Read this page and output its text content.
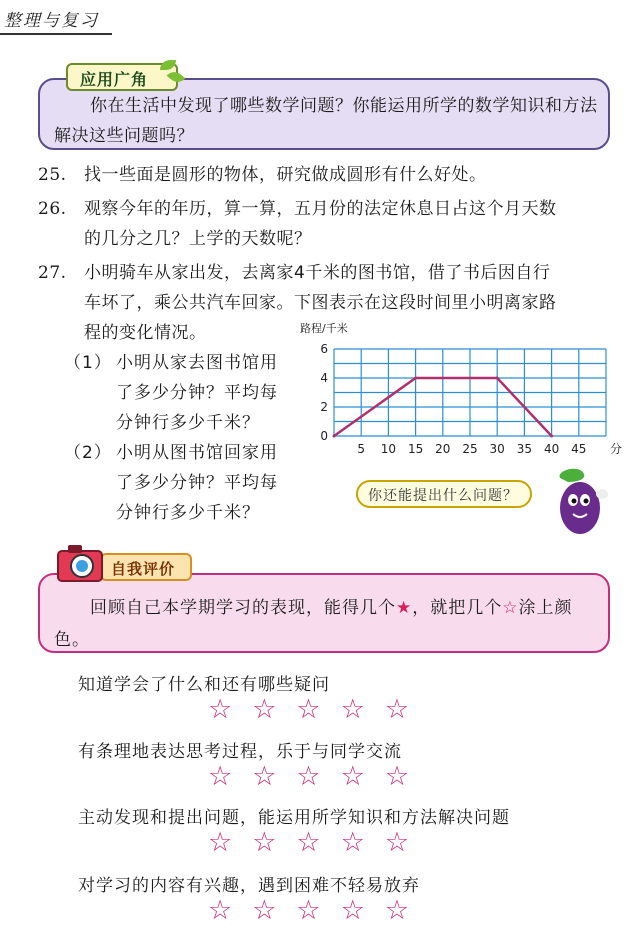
整理与复习
应用广角
你在生活中发现了哪些数学问题？你能运用所学的数学知识和方法解决这些问题吗？
25. 找一些面是圆形的物体，研究做成圆形有什么好处。
26. 观察今年的年历，算一算，五月份的法定休息日占这个月天数
的几分之几？上学的天数呢？
27. 小明骑车从家出发，去离家4千米的图书馆，借了书后因自行
车坏了，乘公共汽车回家。下图表示在这段时间里小明离家路
程的变化情况。
（1） 小明从家去图书馆用
了多少分钟？平均每
分钟行多少千米？
（2） 小明从图书馆回家用
了多少分钟？平均每
分钟行多少千米？
路程/千米
0
2
4
6
5 10 15 20 25 30 35 40 45 分
你还能提出什么问题？
自我评价
回顾自己本学期学习的表现，能得几个★，就把几个☆涂上颜色。
知道学会了什么和还有哪些疑问
☆☆☆☆☆
有条理地表达思考过程，乐于与同学交流
☆☆☆☆☆
主动发现和提出问题，能运用所学知识和方法解决问题
☆☆☆☆☆
对学习的内容有兴趣，遇到困难不轻易放弃
☆☆☆☆☆
